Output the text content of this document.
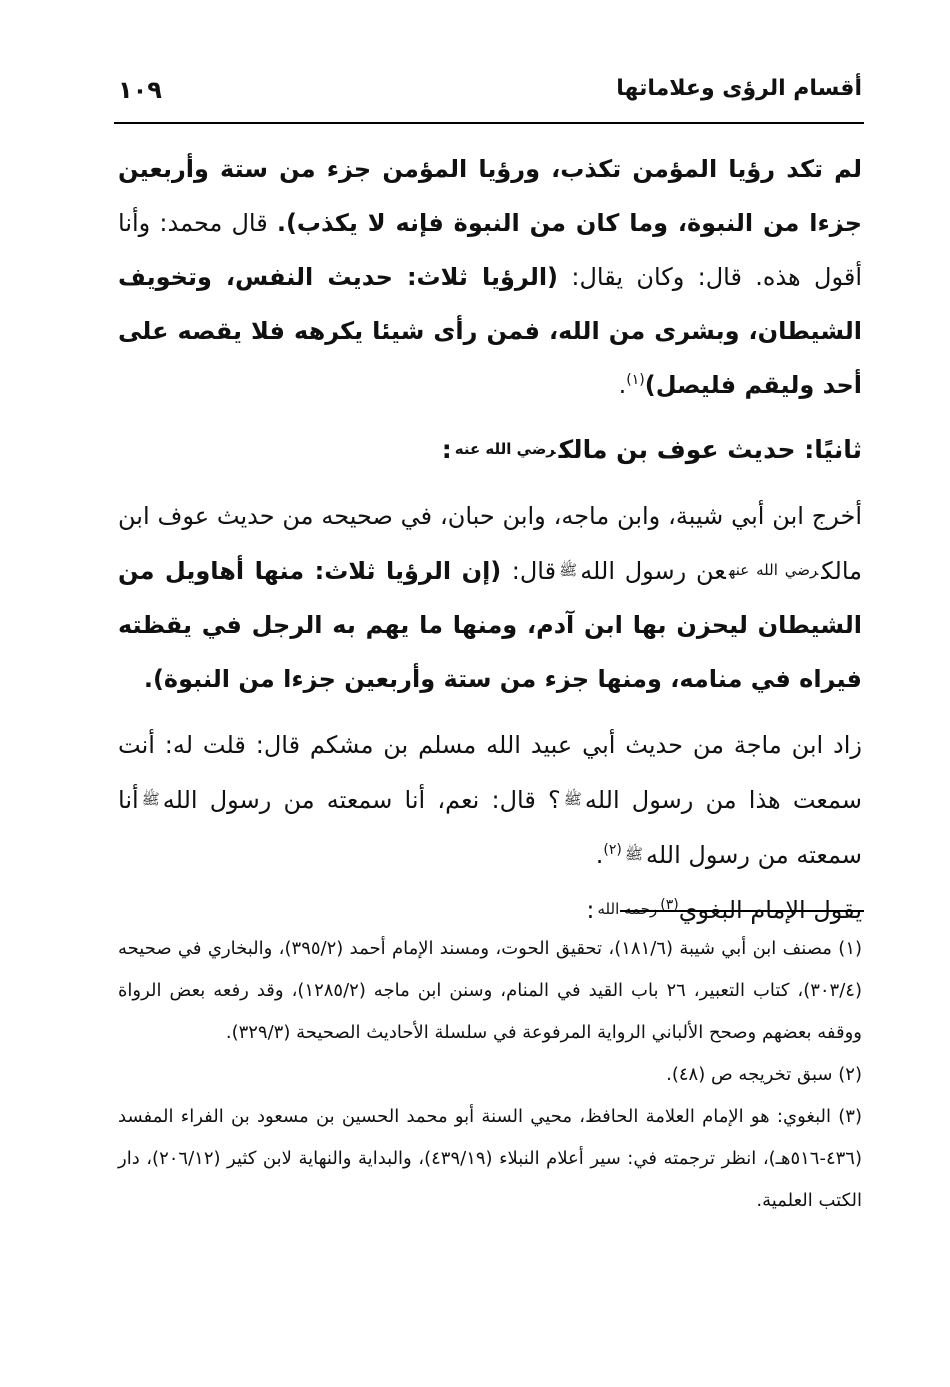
أقسام الرؤى وعلاماتها
١٠٩

لم تكد رؤيا المؤمن تكذب، ورؤيا المؤمن جزء من ستة وأربعين جزءا من النبوة، وما كان من النبوة فإنه لا يكذب). قال محمد: وأنا أقول هذه. قال: وكان يقال: (الرؤيا ثلاث: حديث النفس، وتخويف الشيطان، وبشرى من الله، فمن رأى شيئا يكرهه فلا يقصه على أحد وليقم فليصل)$^{(١)}$.

ثانيًا: حديث عوف بن مالكرضي الله عنه:

أخرج ابن أبي شيبة، وابن ماجه، وابن حبان، في صحيحه من حديث عوف ابن مالكرضي الله عنهعن رسول اللهﷺقال: (إن الرؤيا ثلاث: منها أهاويل من الشيطان ليحزن بها ابن آدم، ومنها ما يهم به الرجل في يقظته فيراه في منامه، ومنها جزء من ستة وأربعين جزءا من النبوة).

زاد ابن ماجة من حديث أبي عبيد الله مسلم بن مشكم قال: قلت له: أنت سمعت هذا من رسول اللهﷺ؟ قال: نعم، أنا سمعته من رسول اللهﷺأنا سمعته من رسول اللهﷺ$^{(٢)}$.

يقول الإمام البغوي$^{(٣)}$رحمه الله:

(١) مصنف ابن أبي شيبة (١٨١/٦)، تحقيق الحوت، ومسند الإمام أحمد (٣٩٥/٢)، والبخاري في صحيحه (٣٠٣/٤)، كتاب التعبير، ٢٦ باب القيد في المنام، وسنن ابن ماجه (١٢٨٥/٢)، وقد رفعه بعض الرواة ووقفه بعضهم وصحح الألباني الرواية المرفوعة في سلسلة الأحاديث الصحيحة (٣٢٩/٣).

(٢) سبق تخريجه ص (٤٨).

(٣) البغوي: هو الإمام العلامة الحافظ، محيي السنة أبو محمد الحسين بن مسعود بن الفراء المفسد (٤٣٦-٥١٦هـ)، انظر ترجمته في: سير أعلام النبلاء (٤٣٩/١٩)، والبداية والنهاية لابن كثير (٢٠٦/١٢)، دار الكتب العلمية.
